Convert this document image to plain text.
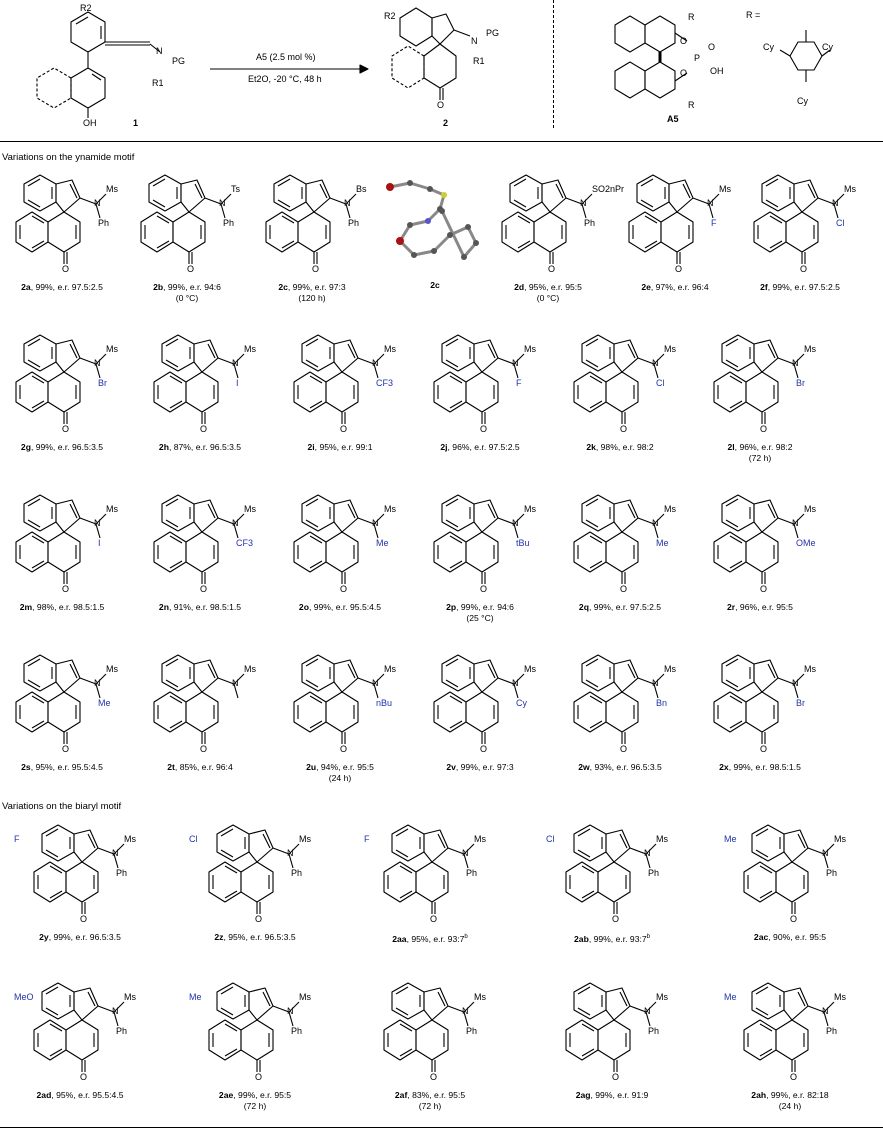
R2
N
PG
R1
OH	1
A5 (2.5 mol %)
Et2O, -20 °C, 48 h
R2
N
PG
R1
O
2
R
O
P
O
OH
O
R
A5
R =
Cy	Cy
Cy
Variations on the ynamide motif
Variations on the biaryl motif
N
Ms
Ph
O
2a, 99%, e.r. 97.5:2.5
N
Ts
Ph
O
2b, 99%, e.r. 94:6
(0 °C)
N
Bs
Ph
O
2c, 99%, e.r. 97:3
(120 h)
2c
N
SO2nPr
Ph
O
2d, 95%, e.r. 95:5
(0 °C)
N
Ms
F
O
2e, 97%, e.r. 96:4
N
Ms
Cl
O
2f, 99%, e.r. 97.5:2.5
N
Ms
Br
O
2g, 99%, e.r. 96.5:3.5
N
Ms
I
O
2h, 87%, e.r. 96.5:3.5
N
Ms
CF3
O
2i, 95%, e.r. 99:1
N
Ms
F
O
2j, 96%, e.r. 97.5:2.5
N
Ms
Cl
O
2k, 98%, e.r. 98:2
N
Ms
Br
O
2l, 96%, e.r. 98:2
(72 h)
N
Ms
I
O
2m, 98%, e.r. 98.5:1.5
N
Ms
CF3
O
2n, 91%, e.r. 98.5:1.5
N
Ms
Me
O
2o, 99%, e.r. 95.5:4.5
N
Ms
tBu
O
2p, 99%, e.r. 94:6
(25 °C)
N
Ms
Me
O
2q, 99%, e.r. 97.5:2.5
N
Ms
OMe
O
2r, 96%, e.r. 95:5
N
Ms
Me
O
2s, 95%, e.r. 95.5:4.5
N
Ms
O
2t, 85%, e.r. 96:4
N
Ms
nBu
O
2u, 94%, e.r. 95:5
(24 h)
N
Ms
Cy
O
2v, 99%, e.r. 97:3
N
Ms
Bn
O
2w, 93%, e.r. 96.5:3.5
N
Ms
Br
O
2x, 99%, e.r. 98.5:1.5
N
Ms
Ph
F
O
2y, 99%, e.r. 96.5:3.5
N
Ms
Ph
Cl
O
2z, 95%, e.r. 96.5:3.5
N
Ms
Ph
F
O
2aa, 95%, e.r. 93:7$^b$
N
Ms
Ph
Cl
O
2ab, 99%, e.r. 93:7$^b$
N
Ms
Ph
Me
O
2ac, 90%, e.r. 95:5
N
Ms
Ph
MeO
O
2ad, 95%, e.r. 95.5:4.5
N
Ms
Ph
Me
O
2ae, 99%, e.r. 95:5
(72 h)
N
Ms
Ph
O
2af, 83%, e.r. 95:5
(72 h)
N
Ms
Ph
O
2ag, 99%, e.r. 91:9
N
Ms
Ph
Me
O
2ah, 99%, e.r. 82:18
(24 h)
